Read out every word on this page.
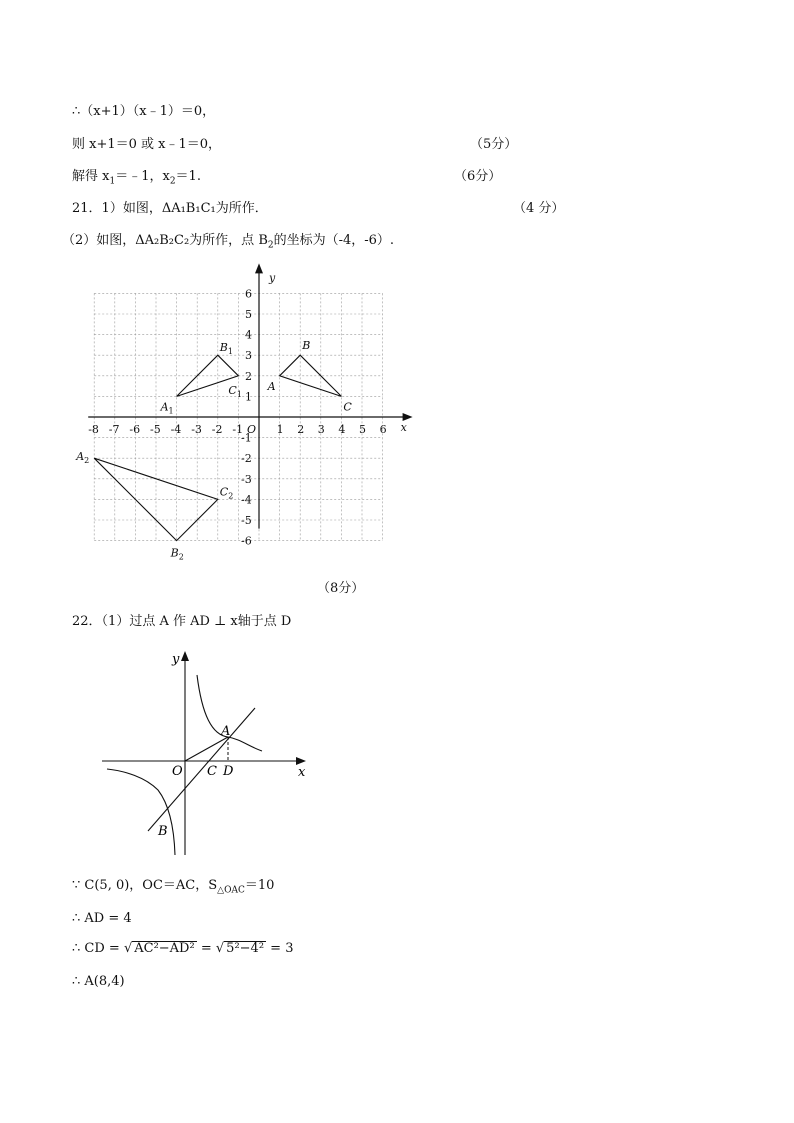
∴（x+1）（x﹣1）＝0，
则 x+1＝0 或 x﹣1＝0，	（5分）
解得 $x_1=﹣1$，$x_2=1$.	（6分）
21．1）如图，ΔA₁B₁C₁为所作．	（4 分）
（2）如图，ΔA₂B₂C₂为所作，点 $B_2$的坐标为（-4，-6）.
-8 -7 -6 -5 -4 -3 -2 -1	1 2 3 4 5 6
1
2
3
4
5
6
-1
-2
-3
-4
-5
-6
O	x
y
A
B
C
$A_1$
$B_1$
$C_1$
$A_2$
$B_2$
$C_2$
（8分）
22．（1）过点 A 作 AD ⊥ x轴于点 D
y
x
O C D
A
B
∵ C(5, 0)，OC＝AC，$S_{\triangle OAC}=10$
∴ AD = 4
∴ CD = √ AC²−AD² = √ 5²−4² = 3
∴ A(8,4)
